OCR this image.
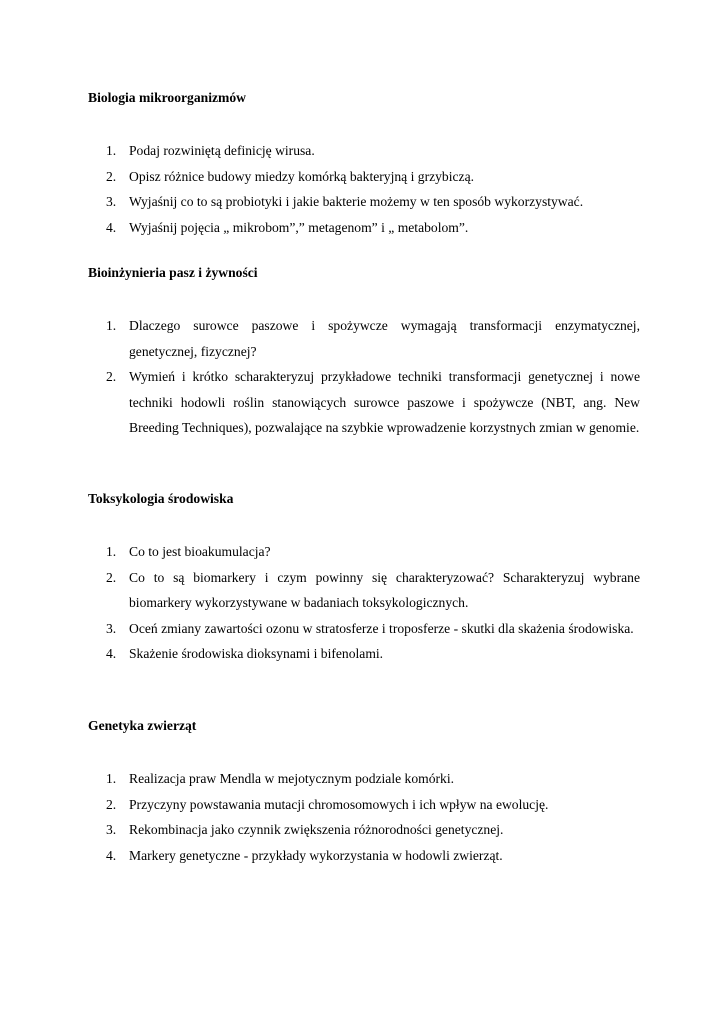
Biologia mikroorganizmów

1. Podaj rozwiniętą definicję wirusa.
2. Opisz różnice budowy miedzy komórką bakteryjną i grzybiczą.
3. Wyjaśnij co to są probiotyki i jakie bakterie możemy w ten sposób wykorzystywać.
4. Wyjaśnij pojęcia „ mikrobom”,” metagenom” i „ metabolom”.

Bioinżynieria pasz i żywności

1. Dlaczego surowce paszowe i spożywcze wymagają transformacji enzymatycznej, genetycznej, fizycznej?
2. Wymień i krótko scharakteryzuj przykładowe techniki transformacji genetycznej i nowe techniki hodowli roślin stanowiących surowce paszowe i spożywcze (NBT, ang. New Breeding Techniques), pozwalające na szybkie wprowadzenie korzystnych zmian w genomie.

Toksykologia środowiska

1. Co to jest bioakumulacja?
2. Co to są biomarkery i czym powinny się charakteryzować? Scharakteryzuj wybrane biomarkery wykorzystywane w badaniach toksykologicznych.
3. Oceń zmiany zawartości ozonu w stratosferze i troposferze - skutki dla skażenia środowiska.
4. Skażenie środowiska dioksynami i bifenolami.

Genetyka zwierząt

1. Realizacja praw Mendla w mejotycznym podziale komórki.
2. Przyczyny powstawania mutacji chromosomowych i ich wpływ na ewolucję.
3. Rekombinacja jako czynnik zwiększenia różnorodności genetycznej.
4. Markery genetyczne - przykłady wykorzystania w hodowli zwierząt.
